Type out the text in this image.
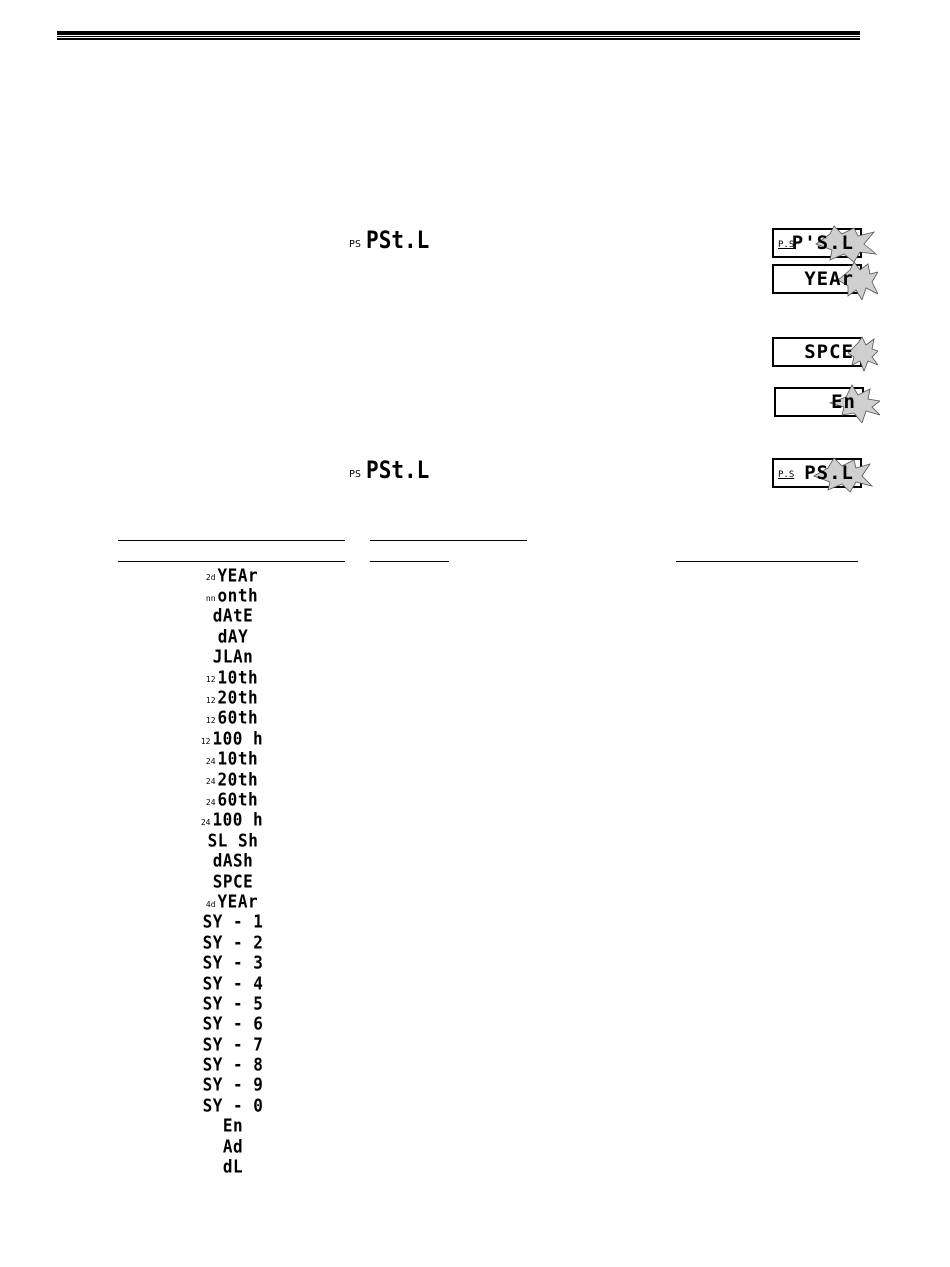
PS PSt.L
PS PSt.L
P.S
P'S.L
YEAr
SPCE
En
P.S PS.L
2d YEAr
nn onth
dAtE
dAY
JLAn
12 10th
12 20th
12 60th
12 100 h
24 10th
24 20th
24 60th
24 100 h
SL Sh
dASh
SPCE
4d YEAr
SY - 1
SY - 2
SY - 3
SY - 4
SY - 5
SY - 6
SY - 7
SY - 8
SY - 9
SY - 0
En
Ad
dL
